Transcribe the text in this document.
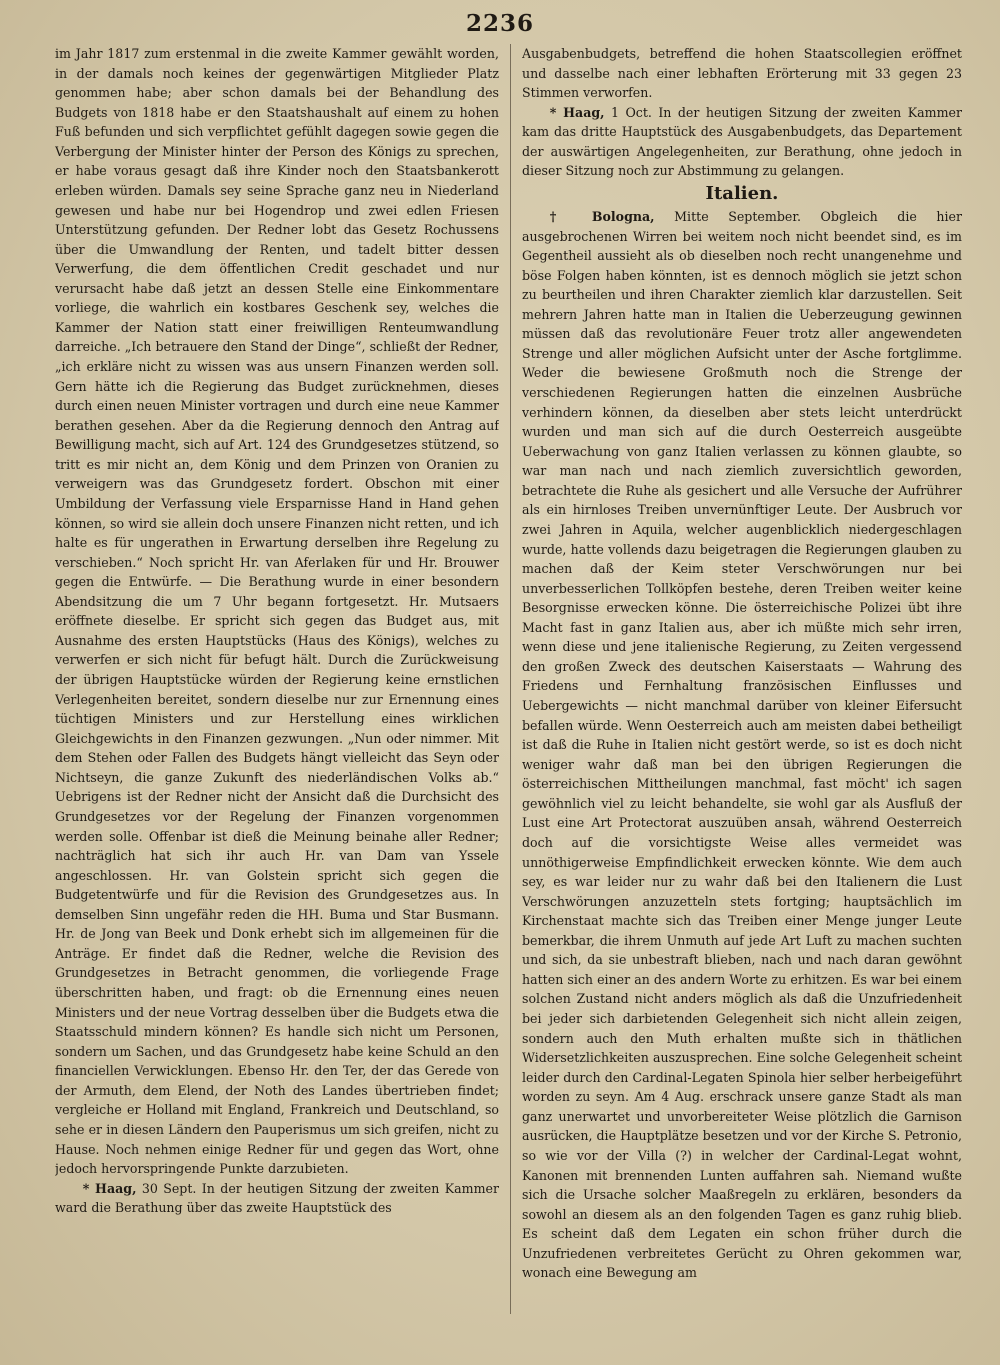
2236

im Jahr 1817 zum erstenmal in die zweite Kammer gewählt worden, in der damals noch keines der gegenwärtigen Mitglieder Platz genommen habe; aber schon damals bei der Behandlung des Budgets von 1818 habe er den Staatshaushalt auf einem zu hohen Fuß befunden und sich verpflichtet gefühlt dagegen sowie gegen die Verbergung der Minister hinter der Person des Königs zu sprechen, er habe voraus gesagt daß ihre Kinder noch den Staatsbankerott erleben würden. Damals sey seine Sprache ganz neu in Niederland gewesen und habe nur bei Hogendrop und zwei edlen Friesen Unterstützung gefunden. Der Redner lobt das Gesetz Rochussens über die Umwandlung der Renten, und tadelt bitter dessen Verwerfung, die dem öffentlichen Credit geschadet und nur verursacht habe daß jetzt an dessen Stelle eine Einkommentare vorliege, die wahrlich ein kostbares Geschenk sey, welches die Kammer der Nation statt einer freiwilligen Renteumwandlung darreiche. „Ich betrauere den Stand der Dinge“, schließt der Redner, „ich erkläre nicht zu wissen was aus unsern Finanzen werden soll. Gern hätte ich die Regierung das Budget zurücknehmen, dieses durch einen neuen Minister vortragen und durch eine neue Kammer berathen gesehen. Aber da die Regierung dennoch den Antrag auf Bewilligung macht, sich auf Art. 124 des Grundgesetzes stützend, so tritt es mir nicht an, dem König und dem Prinzen von Oranien zu verweigern was das Grundgesetz fordert. Obschon mit einer Umbildung der Verfassung viele Ersparnisse Hand in Hand gehen können, so wird sie allein doch unsere Finanzen nicht retten, und ich halte es für ungerathen in Erwartung derselben ihre Regelung zu verschieben.“ Noch spricht Hr. van Aferlaken für und Hr. Brouwer gegen die Entwürfe. — Die Berathung wurde in einer besondern Abendsitzung die um 7 Uhr begann fortgesetzt. Hr. Mutsaers eröffnete dieselbe. Er spricht sich gegen das Budget aus, mit Ausnahme des ersten Hauptstücks (Haus des Königs), welches zu verwerfen er sich nicht für befugt hält. Durch die Zurückweisung der übrigen Hauptstücke würden der Regierung keine ernstlichen Verlegenheiten bereitet, sondern dieselbe nur zur Ernennung eines tüchtigen Ministers und zur Herstellung eines wirklichen Gleichgewichts in den Finanzen gezwungen. „Nun oder nimmer. Mit dem Stehen oder Fallen des Budgets hängt vielleicht das Seyn oder Nichtseyn, die ganze Zukunft des niederländischen Volks ab.“ Uebrigens ist der Redner nicht der Ansicht daß die Durchsicht des Grundgesetzes vor der Regelung der Finanzen vorgenommen werden solle. Offenbar ist dieß die Meinung beinahe aller Redner; nachträglich hat sich ihr auch Hr. van Dam van Yssele angeschlossen. Hr. van Golstein spricht sich gegen die Budgetentwürfe und für die Revision des Grundgesetzes aus. In demselben Sinn ungefähr reden die HH. Buma und Star Busmann. Hr. de Jong van Beek und Donk erhebt sich im allgemeinen für die Anträge. Er findet daß die Redner, welche die Revision des Grundgesetzes in Betracht genommen, die vorliegende Frage überschritten haben, und fragt: ob die Ernennung eines neuen Ministers und der neue Vortrag desselben über die Budgets etwa die Staatsschuld mindern können? Es handle sich nicht um Personen, sondern um Sachen, und das Grundgesetz habe keine Schuld an den financiellen Verwicklungen. Ebenso Hr. den Ter, der das Gerede von der Armuth, dem Elend, der Noth des Landes übertrieben findet; vergleiche er Holland mit England, Frankreich und Deutschland, so sehe er in diesen Ländern den Pauperismus um sich greifen, nicht zu Hause. Noch nehmen einige Redner für und gegen das Wort, ohne jedoch hervorspringende Punkte darzubieten.

* Haag, 30 Sept. In der heutigen Sitzung der zweiten Kammer ward die Berathung über das zweite Hauptstück des

Ausgabenbudgets, betreffend die hohen Staatscollegien eröffnet und dasselbe nach einer lebhaften Erörterung mit 33 gegen 23 Stimmen verworfen.

* Haag, 1 Oct. In der heutigen Sitzung der zweiten Kammer kam das dritte Hauptstück des Ausgabenbudgets, das Departement der auswärtigen Angelegenheiten, zur Berathung, ohne jedoch in dieser Sitzung noch zur Abstimmung zu gelangen.

Italien.

† Bologna, Mitte September. Obgleich die hier ausgebrochenen Wirren bei weitem noch nicht beendet sind, es im Gegentheil aussieht als ob dieselben noch recht unangenehme und böse Folgen haben könnten, ist es dennoch möglich sie jetzt schon zu beurtheilen und ihren Charakter ziemlich klar darzustellen. Seit mehrern Jahren hatte man in Italien die Ueberzeugung gewinnen müssen daß das revolutionäre Feuer trotz aller angewendeten Strenge und aller möglichen Aufsicht unter der Asche fortglimme. Weder die bewiesene Großmuth noch die Strenge der verschiedenen Regierungen hatten die einzelnen Ausbrüche verhindern können, da dieselben aber stets leicht unterdrückt wurden und man sich auf die durch Oesterreich ausgeübte Ueberwachung von ganz Italien verlassen zu können glaubte, so war man nach und nach ziemlich zuversichtlich geworden, betrachtete die Ruhe als gesichert und alle Versuche der Aufrührer als ein hirnloses Treiben unvernünftiger Leute. Der Ausbruch vor zwei Jahren in Aquila, welcher augenblicklich niedergeschlagen wurde, hatte vollends dazu beigetragen die Regierungen glauben zu machen daß der Keim steter Verschwörungen nur bei unverbesserlichen Tollköpfen bestehe, deren Treiben weiter keine Besorgnisse erwecken könne. Die österreichische Polizei übt ihre Macht fast in ganz Italien aus, aber ich müßte mich sehr irren, wenn diese und jene italienische Regierung, zu Zeiten vergessend den großen Zweck des deutschen Kaiserstaats — Wahrung des Friedens und Fernhaltung französischen Einflusses und Uebergewichts — nicht manchmal darüber von kleiner Eifersucht befallen würde. Wenn Oesterreich auch am meisten dabei betheiligt ist daß die Ruhe in Italien nicht gestört werde, so ist es doch nicht weniger wahr daß man bei den übrigen Regierungen die österreichischen Mittheilungen manchmal, fast möcht' ich sagen gewöhnlich viel zu leicht behandelte, sie wohl gar als Ausfluß der Lust eine Art Protectorat auszuüben ansah, während Oesterreich doch auf die vorsichtigste Weise alles vermeidet was unnöthigerweise Empfindlichkeit erwecken könnte. Wie dem auch sey, es war leider nur zu wahr daß bei den Italienern die Lust Verschwörungen anzuzetteln stets fortging; hauptsächlich im Kirchenstaat machte sich das Treiben einer Menge junger Leute bemerkbar, die ihrem Unmuth auf jede Art Luft zu machen suchten und sich, da sie unbestraft blieben, nach und nach daran gewöhnt hatten sich einer an des andern Worte zu erhitzen. Es war bei einem solchen Zustand nicht anders möglich als daß die Unzufriedenheit bei jeder sich darbietenden Gelegenheit sich nicht allein zeigen, sondern auch den Muth erhalten mußte sich in thätlichen Widersetzlichkeiten auszusprechen. Eine solche Gelegenheit scheint leider durch den Cardinal-Legaten Spinola hier selber herbeigeführt worden zu seyn. Am 4 Aug. erschrack unsere ganze Stadt als man ganz unerwartet und unvorbereiteter Weise plötzlich die Garnison ausrücken, die Hauptplätze besetzen und vor der Kirche S. Petronio, so wie vor der Villa (?) in welcher der Cardinal-Legat wohnt, Kanonen mit brennenden Lunten auffahren sah. Niemand wußte sich die Ursache solcher Maaßregeln zu erklären, besonders da sowohl an diesem als an den folgenden Tagen es ganz ruhig blieb. Es scheint daß dem Legaten ein schon früher durch die Unzufriedenen verbreitetes Gerücht zu Ohren gekommen war, wonach eine Bewegung am
